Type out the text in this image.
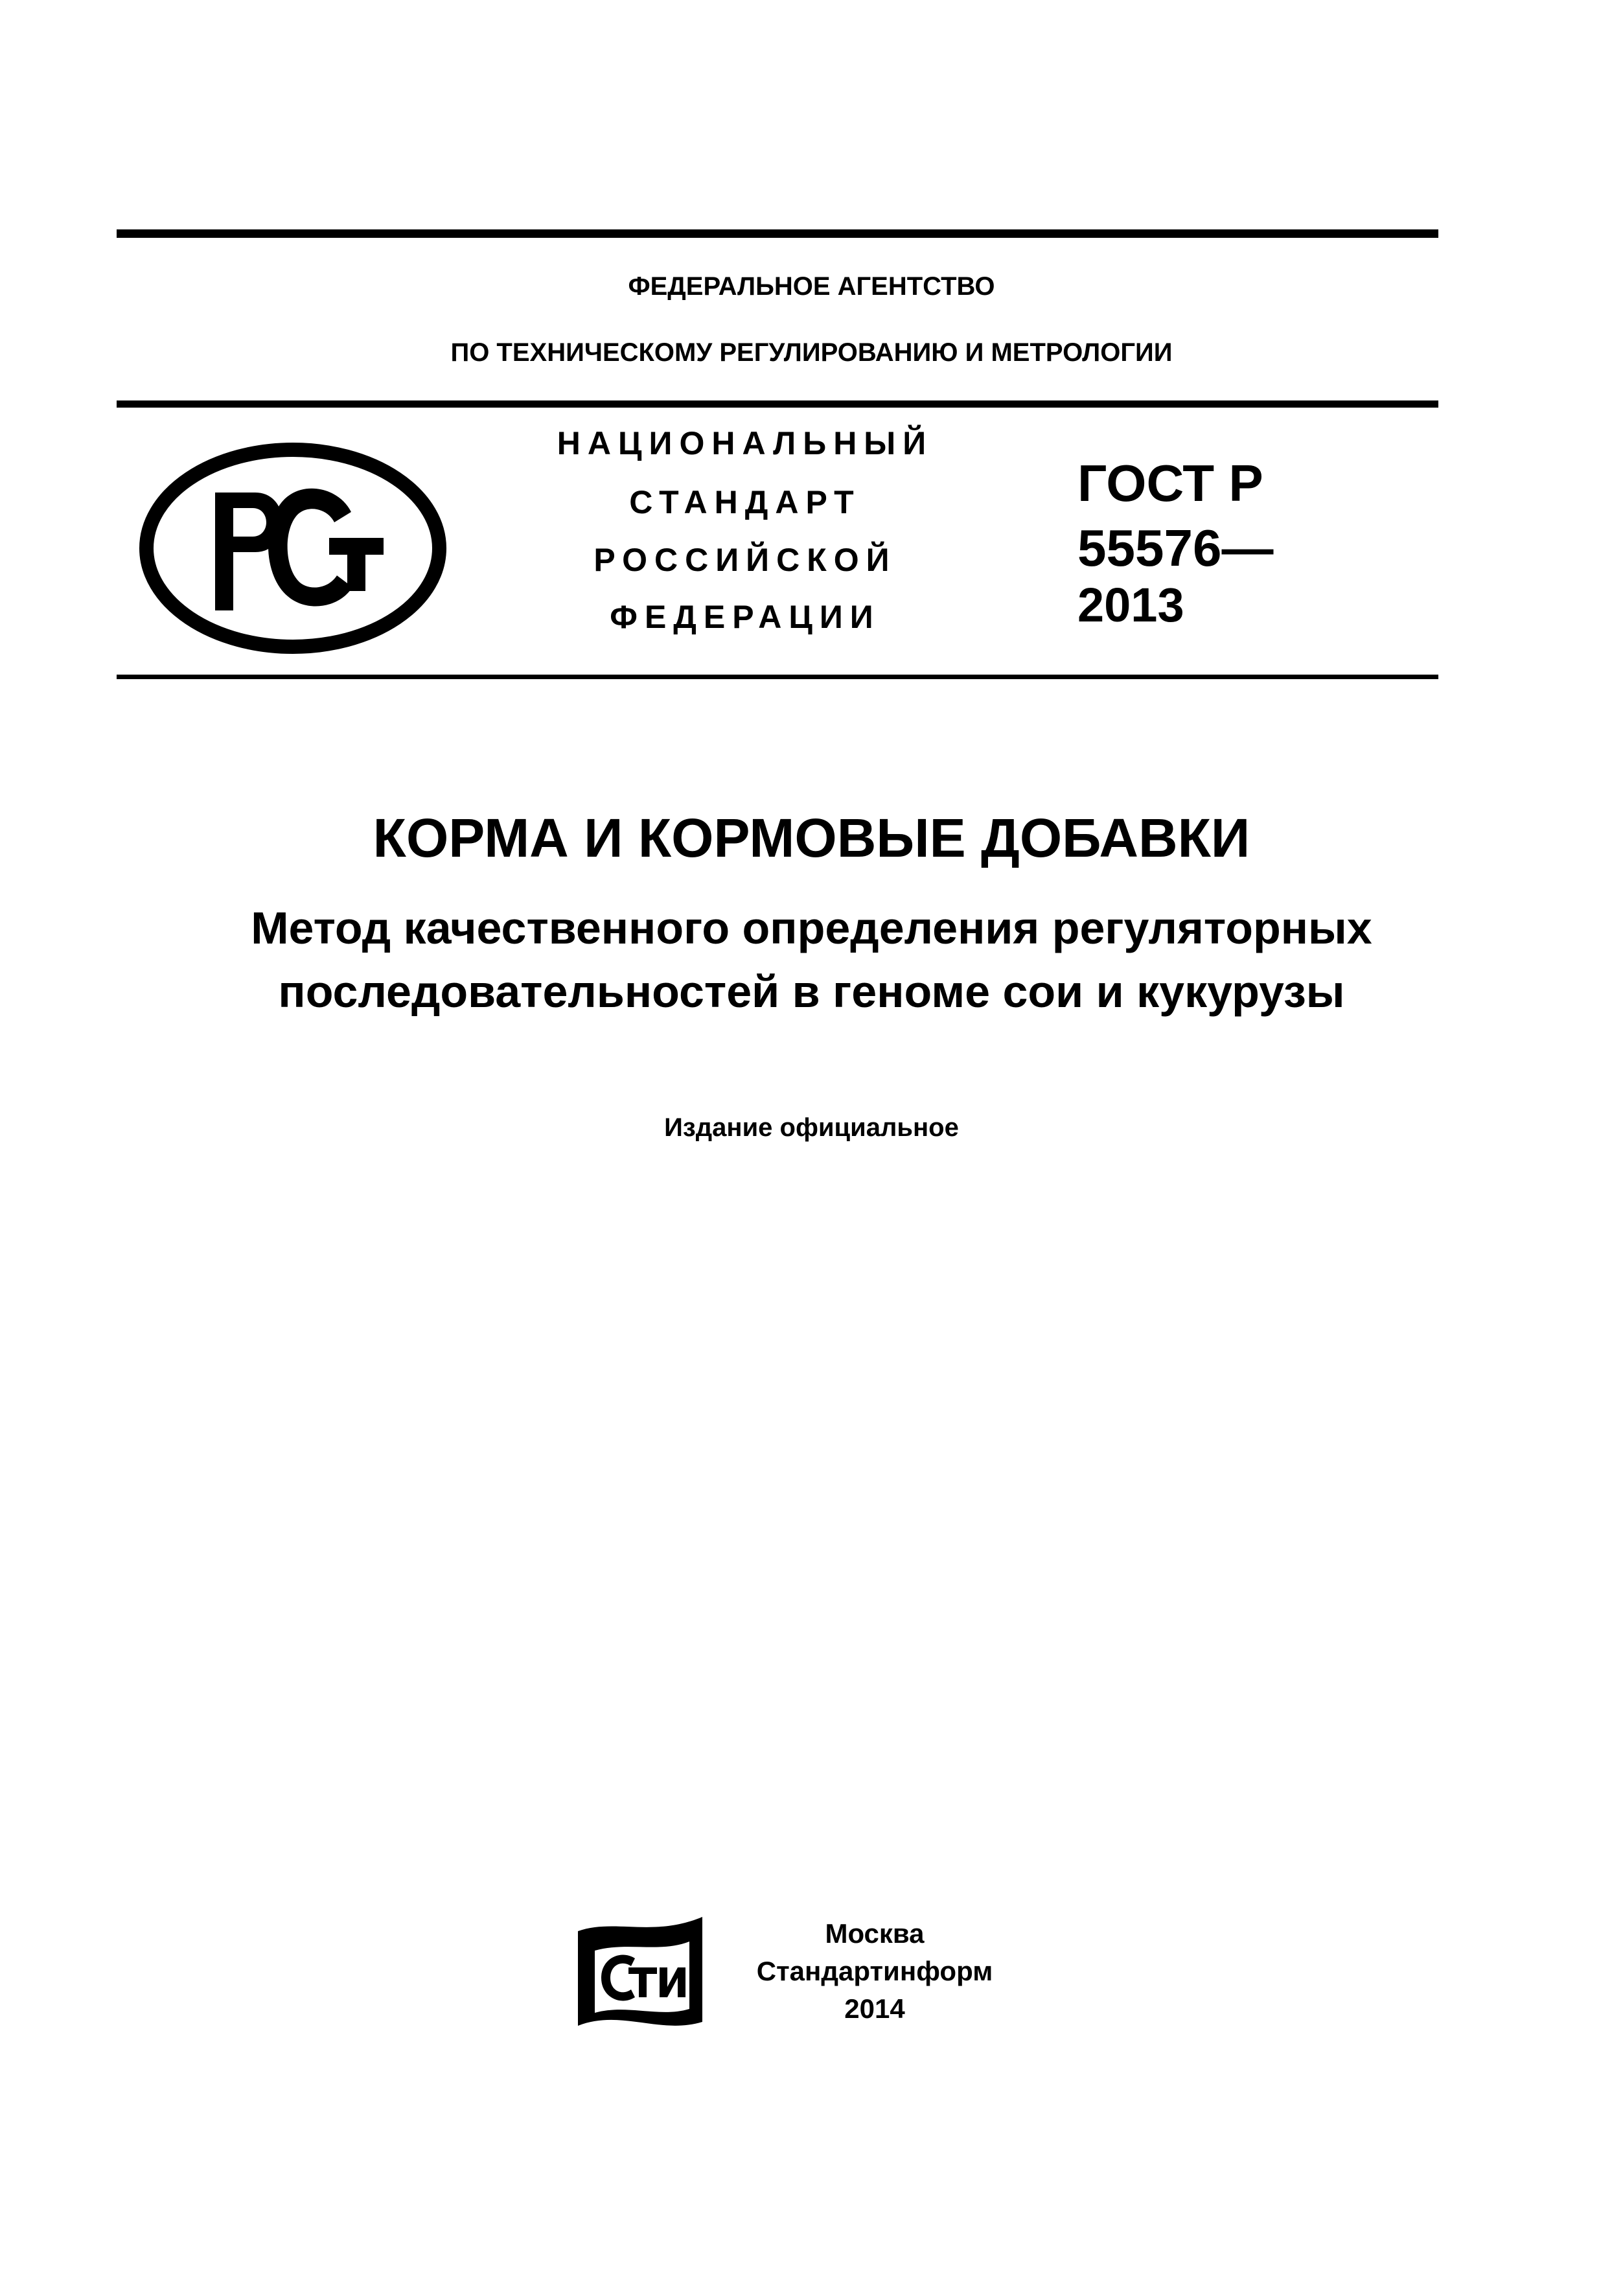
ФЕДЕРАЛЬНОЕ АГЕНТСТВО
ПО ТЕХНИЧЕСКОМУ РЕГУЛИРОВАНИЮ И МЕТРОЛОГИИ
НАЦИОНАЛЬНЫЙ
СТАНДАРТ
РОССИЙСКОЙ
ФЕДЕРАЦИИ
ГОСТ Р
55576—
2013
КОРМА И КОРМОВЫЕ ДОБАВКИ
Метод качественного определения регуляторных
последовательностей в геноме сои и кукурузы
Издание официальное
Москва
Стандартинформ
2014
